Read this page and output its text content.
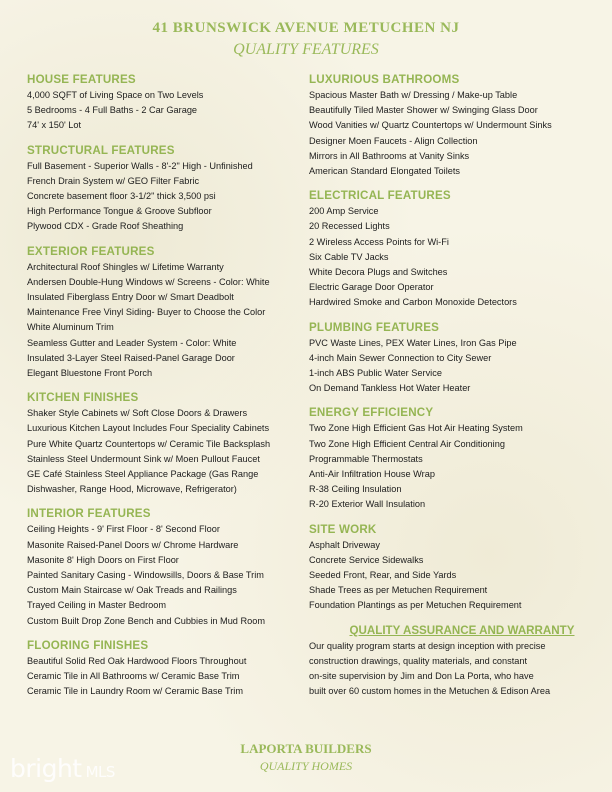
41 BRUNSWICK AVENUE METUCHEN NJ
QUALITY FEATURES
HOUSE FEATURES
4,000 SQFT of Living Space on Two Levels
5 Bedrooms - 4 Full Baths - 2 Car Garage
74' x 150' Lot
STRUCTURAL FEATURES
Full Basement - Superior Walls - 8'-2" High - Unfinished
French Drain System w/ GEO Filter Fabric
Concrete basement floor 3-1/2" thick 3,500 psi
High Performance Tongue & Groove Subfloor
Plywood CDX - Grade Roof Sheathing
EXTERIOR FEATURES
Architectural Roof Shingles w/ Lifetime Warranty
Andersen Double-Hung Windows w/ Screens - Color: White
Insulated Fiberglass Entry Door w/ Smart Deadbolt
Maintenance Free Vinyl Siding- Buyer to Choose the Color
White Aluminum Trim
Seamless Gutter and Leader System - Color: White
Insulated 3-Layer Steel Raised-Panel Garage Door
Elegant Bluestone Front Porch
KITCHEN FINISHES
Shaker Style Cabinets w/ Soft Close Doors & Drawers
Luxurious Kitchen Layout Includes Four Speciality Cabinets
Pure White Quartz Countertops w/ Ceramic Tile Backsplash
Stainless Steel Undermount Sink w/ Moen Pullout Faucet
GE Café Stainless Steel Appliance Package (Gas Range
Dishwasher, Range Hood, Microwave, Refrigerator)
INTERIOR FEATURES
Ceiling Heights - 9' First Floor - 8' Second Floor
Masonite Raised-Panel Doors w/ Chrome Hardware
Masonite 8' High Doors on First Floor
Painted Sanitary Casing - Windowsills, Doors & Base Trim
Custom Main Staircase w/ Oak Treads and Railings
Trayed Ceiling in Master Bedroom
Custom Built Drop Zone Bench and Cubbies in Mud Room
FLOORING FINISHES
Beautiful Solid Red Oak Hardwood Floors Throughout
Ceramic Tile in All Bathrooms w/ Ceramic Base Trim
Ceramic Tile in Laundry Room w/ Ceramic Base Trim
LUXURIOUS BATHROOMS
Spacious Master Bath w/ Dressing / Make-up Table
Beautifully Tiled Master Shower w/ Swinging Glass Door
Wood Vanities w/ Quartz Countertops w/ Undermount Sinks
Designer Moen Faucets - Align Collection
Mirrors in All Bathrooms at Vanity Sinks
American Standard Elongated Toilets
ELECTRICAL FEATURES
200 Amp Service
20 Recessed Lights
2 Wireless Access Points for Wi-Fi
Six Cable TV Jacks
White Decora Plugs and Switches
Electric Garage Door Operator
Hardwired Smoke and Carbon Monoxide Detectors
PLUMBING FEATURES
PVC Waste Lines, PEX Water Lines, Iron Gas Pipe
4-inch Main Sewer Connection to City Sewer
1-inch ABS Public Water Service
On Demand Tankless Hot Water Heater
ENERGY EFFICIENCY
Two Zone High Efficient Gas Hot Air Heating System
Two Zone High Efficient Central Air Conditioning
Programmable Thermostats
Anti-Air Infiltration House Wrap
R-38 Ceiling Insulation
R-20 Exterior Wall Insulation
SITE WORK
Asphalt Driveway
Concrete Service Sidewalks
Seeded Front, Rear, and Side Yards
Shade Trees as per Metuchen Requirement
Foundation Plantings as per Metuchen Requirement
QUALITY ASSURANCE AND WARRANTY
Our quality program starts at design inception with precise
construction drawings, quality materials, and constant
on-site supervision by Jim and Don La Porta, who have
built over 60 custom homes in the Metuchen & Edison Area
LAPORTA BUILDERS
QUALITY HOMES
bright MLS
